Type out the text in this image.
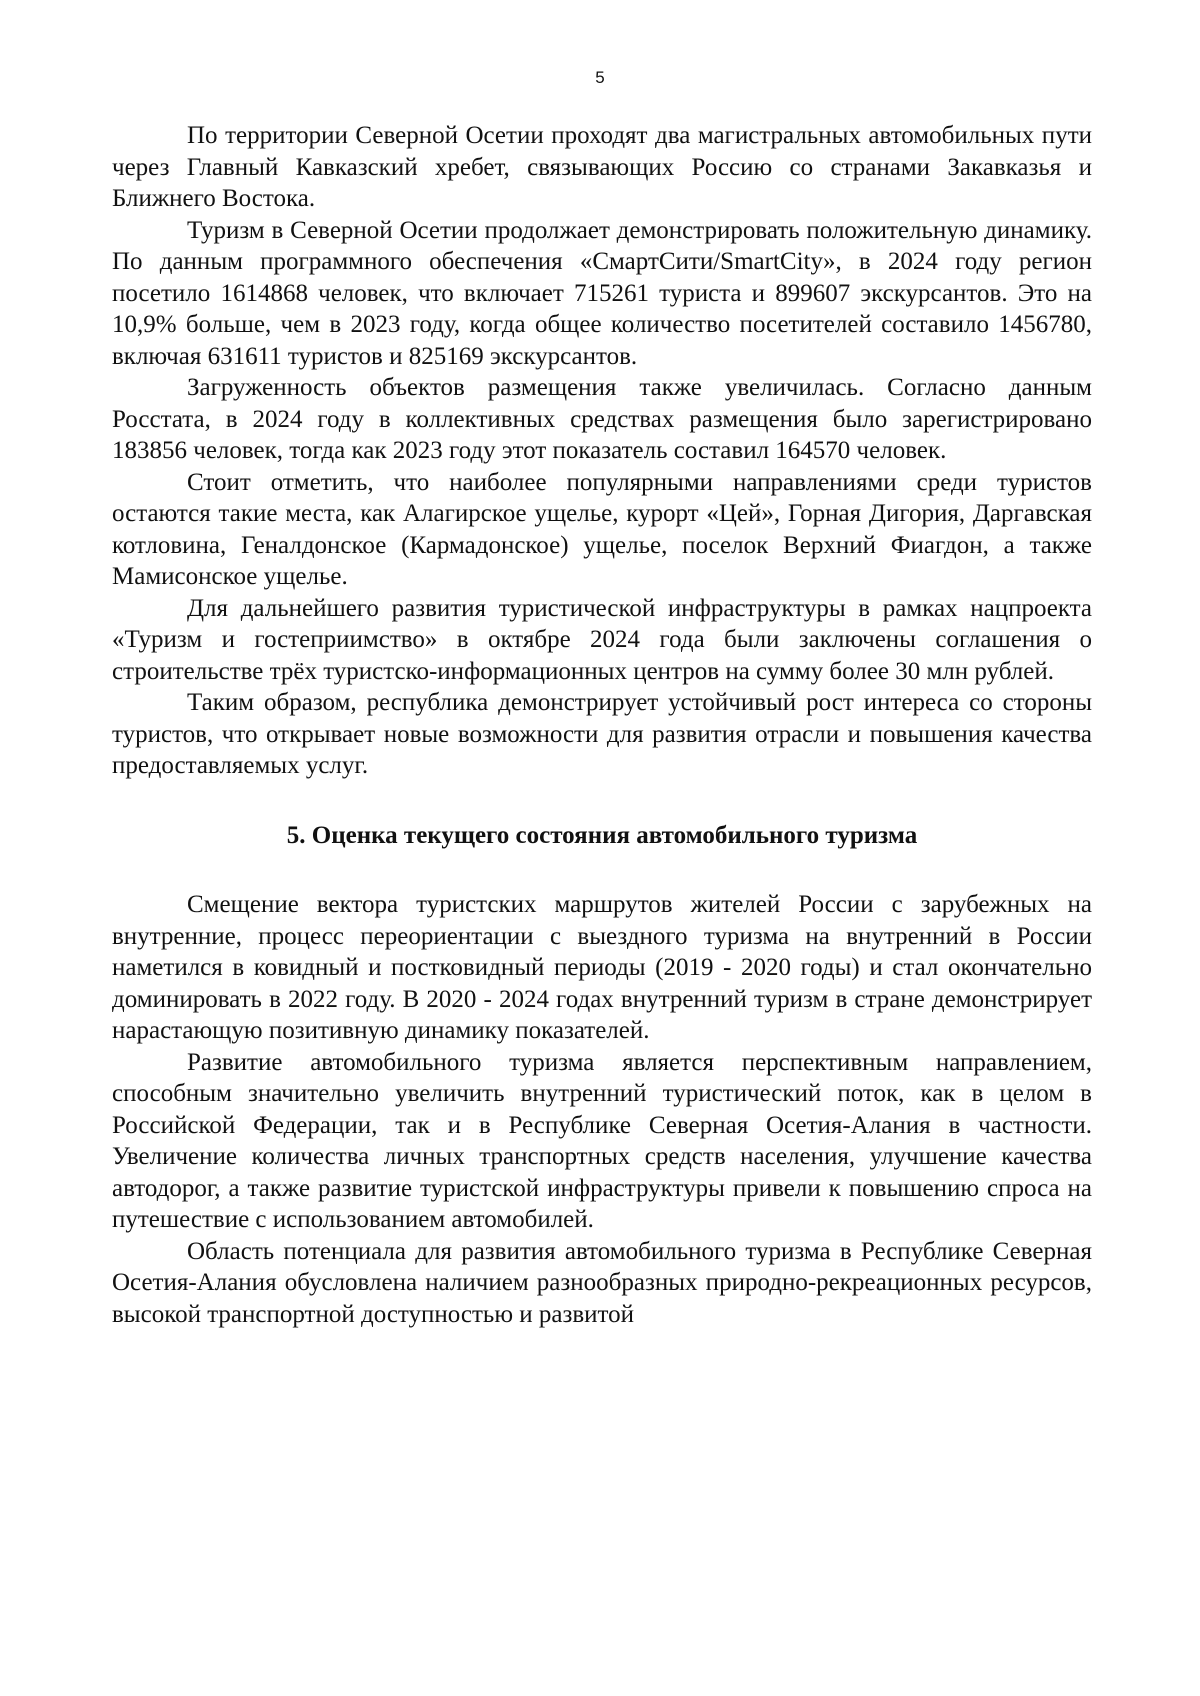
5

По территории Северной Осетии проходят два магистральных автомобильных пути через Главный Кавказский хребет, связывающих Россию со странами Закавказья и Ближнего Востока.

Туризм в Северной Осетии продолжает демонстрировать положительную динамику. По данным программного обеспечения «СмартСити/SmartCity», в 2024 году регион посетило 1614868 человек, что включает 715261 туриста и 899607 экскурсантов. Это на 10,9% больше, чем в 2023 году, когда общее количество посетителей составило 1456780, включая 631611 туристов и 825169 экскурсантов.

Загруженность объектов размещения также увеличилась. Согласно данным Росстата, в 2024 году в коллективных средствах размещения было зарегистрировано 183856 человек, тогда как 2023 году этот показатель составил 164570 человек.

Стоит отметить, что наиболее популярными направлениями среди туристов остаются такие места, как Алагирское ущелье, курорт «Цей», Горная Дигория, Даргавская котловина, Геналдонское (Кармадонское) ущелье, поселок Верхний Фиагдон, а также Мамисонское ущелье.

Для дальнейшего развития туристической инфраструктуры в рамках нацпроекта «Туризм и гостеприимство» в октябре 2024 года были заключены соглашения о строительстве трёх туристско-информационных центров на сумму более 30 млн рублей.

Таким образом, республика демонстрирует устойчивый рост интереса со стороны туристов, что открывает новые возможности для развития отрасли и повышения качества предоставляемых услуг.

5. Оценка текущего состояния автомобильного туризма

Смещение вектора туристских маршрутов жителей России с зарубежных на внутренние, процесс переориентации с выездного туризма на внутренний в России наметился в ковидный и постковидный периоды (2019 - 2020 годы) и стал окончательно доминировать в 2022 году. В 2020 - 2024 годах внутренний туризм в стране демонстрирует нарастающую позитивную динамику показателей.

Развитие автомобильного туризма является перспективным направлением, способным значительно увеличить внутренний туристический поток, как в целом в Российской Федерации, так и в Республике Северная Осетия-Алания в частности. Увеличение количества личных транспортных средств населения, улучшение качества автодорог, а также развитие туристской инфраструктуры привели к повышению спроса на путешествие с использованием автомобилей.

Область потенциала для развития автомобильного туризма в Республике Северная Осетия-Алания обусловлена наличием разнообразных природно-рекреационных ресурсов, высокой транспортной доступностью и развитой
